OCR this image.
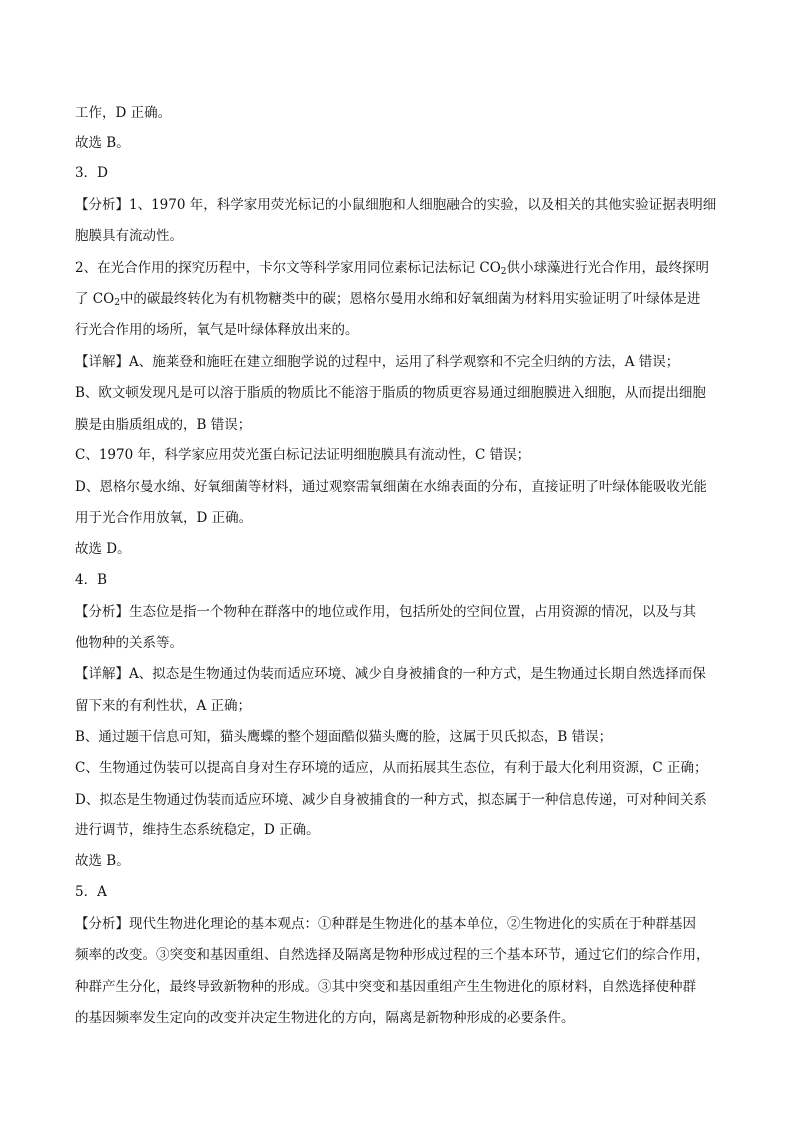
工作，D 正确。
故选 B。
3．D
【分析】1、1970 年，科学家用荧光标记的小鼠细胞和人细胞融合的实验，以及相关的其他实验证据表明细
胞膜具有流动性。
2、在光合作用的探究历程中，卡尔文等科学家用同位素标记法标记 $CO_2$供小球藻进行光合作用，最终探明
了 $CO_2$中的碳最终转化为有机物糖类中的碳；恩格尔曼用水绵和好氧细菌为材料用实验证明了叶绿体是进
行光合作用的场所，氧气是叶绿体释放出来的。
【详解】A、施莱登和施旺在建立细胞学说的过程中，运用了科学观察和不完全归纳的方法，A 错误；
B、欧文顿发现凡是可以溶于脂质的物质比不能溶于脂质的物质更容易通过细胞膜进入细胞，从而提出细胞
膜是由脂质组成的，B 错误；
C、1970 年，科学家应用荧光蛋白标记法证明细胞膜具有流动性，C 错误；
D、恩格尔曼水绵、好氧细菌等材料，通过观察需氧细菌在水绵表面的分布，直接证明了叶绿体能吸收光能
用于光合作用放氧，D 正确。
故选 D。
4．B
【分析】生态位是指一个物种在群落中的地位或作用，包括所处的空间位置，占用资源的情况，以及与其
他物种的关系等。
【详解】A、拟态是生物通过伪装而适应环境、减少自身被捕食的一种方式，是生物通过长期自然选择而保
留下来的有利性状，A 正确；
B、通过题干信息可知，猫头鹰蝶的整个翅面酷似猫头鹰的脸，这属于贝氏拟态，B 错误；
C、生物通过伪装可以提高自身对生存环境的适应，从而拓展其生态位，有利于最大化利用资源，C 正确；
D、拟态是生物通过伪装而适应环境、减少自身被捕食的一种方式，拟态属于一种信息传递，可对种间关系
进行调节，维持生态系统稳定，D 正确。
故选 B。
5．A
【分析】现代生物进化理论的基本观点：①种群是生物进化的基本单位，②生物进化的实质在于种群基因
频率的改变。③突变和基因重组、自然选择及隔离是物种形成过程的三个基本环节，通过它们的综合作用，
种群产生分化，最终导致新物种的形成。③其中突变和基因重组产生生物进化的原材料，自然选择使种群
的基因频率发生定向的改变并决定生物进化的方向，隔离是新物种形成的必要条件。
